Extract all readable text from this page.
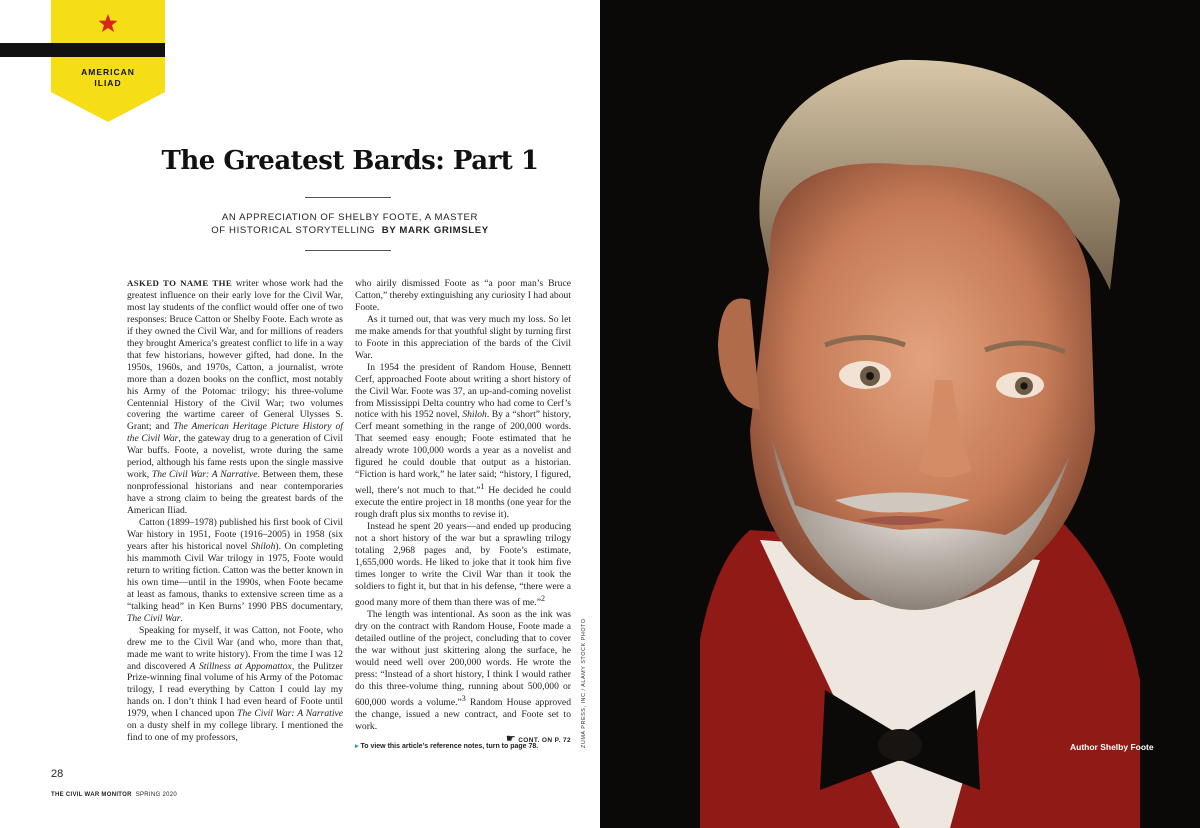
AMERICAN
ILIAD
The Greatest Bards: Part 1
AN APPRECIATION OF SHELBY FOOTE, A MASTER
OF HISTORICAL STORYTELLING BY MARK GRIMSLEY

ASKED TO NAME THE writer whose work had the greatest influence on their early love for the Civil War, most lay students of the conflict would offer one of two responses: Bruce Catton or Shelby Foote. Each wrote as if they owned the Civil War, and for millions of readers they brought America’s greatest conflict to life in a way that few historians, however gifted, had done. In the 1950s, 1960s, and 1970s, Catton, a journalist, wrote more than a dozen books on the conflict, most notably his Army of the Potomac trilogy; his three-volume Centennial History of the Civil War; two volumes covering the wartime career of General Ulysses S. Grant; and The American Heritage Picture History of the Civil War, the gateway drug to a generation of Civil War buffs. Foote, a novelist, wrote during the same period, although his fame rests upon the single massive work, The Civil War: A Narrative. Between them, these nonprofessional historians and near contemporaries have a strong claim to being the greatest bards of the American Iliad.

Catton (1899–1978) published his first book of Civil War history in 1951, Foote (1916–2005) in 1958 (six years after his historical novel Shiloh). On completing his mammoth Civil War trilogy in 1975, Foote would return to writing fiction. Catton was the better known in his own time—until in the 1990s, when Foote became at least as famous, thanks to extensive screen time as a “talking head” in Ken Burns’ 1990 PBS documentary, The Civil War.

Speaking for myself, it was Catton, not Foote, who drew me to the Civil War (and who, more than that, made me want to write history). From the time I was 12 and discovered A Stillness at Appomattox, the Pulitzer Prize-winning final volume of his Army of the Potomac trilogy, I read everything by Catton I could lay my hands on. I don’t think I had even heard of Foote until 1979, when I chanced upon The Civil War: A Narrative on a dusty shelf in my college library. I mentioned the find to one of my professors,

who airily dismissed Foote as “a poor man’s Bruce Catton,” thereby extinguishing any curiosity I had about Foote.

As it turned out, that was very much my loss. So let me make amends for that youthful slight by turning first to Foote in this appreciation of the bards of the Civil War.

In 1954 the president of Random House, Bennett Cerf, approached Foote about writing a short history of the Civil War. Foote was 37, an up-and-coming novelist from Mississippi Delta country who had come to Cerf’s notice with his 1952 novel, Shiloh. By a “short” history, Cerf meant something in the range of 200,000 words. That seemed easy enough; Foote estimated that he already wrote 100,000 words a year as a novelist and figured he could double that output as a historian. “Fiction is hard work,” he later said; “history, I figured, well, there’s not much to that.”$^1$ He decided he could execute the entire project in 18 months (one year for the rough draft plus six months to revise it).

Instead he spent 20 years—and ended up producing not a short history of the war but a sprawling trilogy totaling 2,968 pages and, by Foote’s estimate, 1,655,000 words. He liked to joke that it took him five times longer to write the Civil War than it took the soldiers to fight it, but that in his defense, “there were a good many more of them than there was of me.”$^2$

The length was intentional. As soon as the ink was dry on the contract with Random House, Foote made a detailed outline of the project, concluding that to cover the war without just skittering along the surface, he would need well over 200,000 words. He wrote the press: “Instead of a short history, I think I would rather do this three-volume thing, running about 500,000 or 600,000 words a volume.”$^3$ Random House approved the change, issued a new contract, and Foote set to work.

☛ CONT. ON P. 72
▸ To view this article’s reference notes, turn to page 78.	ZUMA PRESS, INC / ALAMY STOCK PHOTO
28
THE CIVIL WAR MONITOR SPRING 2020
Author Shelby Foote
